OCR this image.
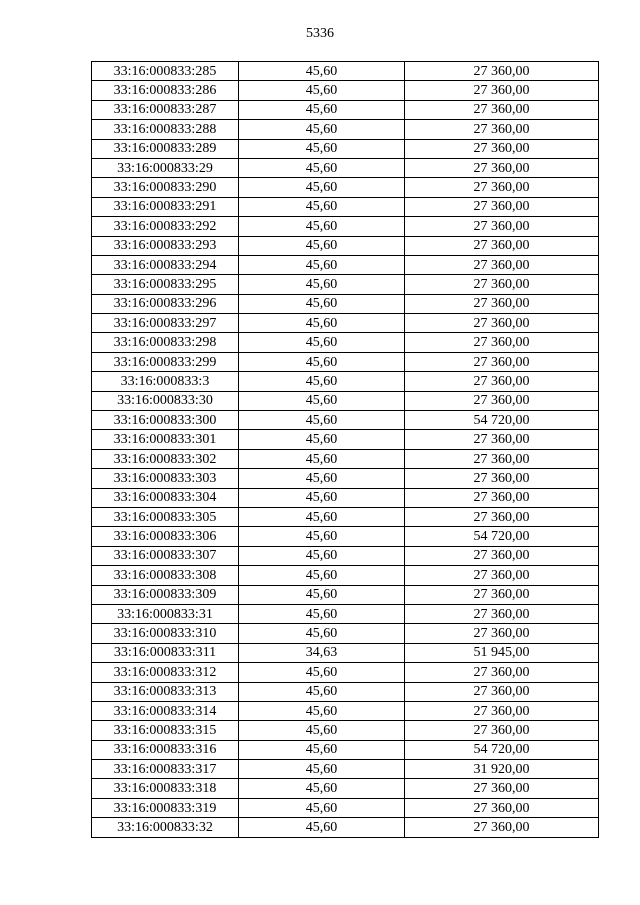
5336
33:16:000833:285	45,60	27 360,00
33:16:000833:286	45,60	27 360,00
33:16:000833:287	45,60	27 360,00
33:16:000833:288	45,60	27 360,00
33:16:000833:289	45,60	27 360,00
33:16:000833:29	45,60	27 360,00
33:16:000833:290	45,60	27 360,00
33:16:000833:291	45,60	27 360,00
33:16:000833:292	45,60	27 360,00
33:16:000833:293	45,60	27 360,00
33:16:000833:294	45,60	27 360,00
33:16:000833:295	45,60	27 360,00
33:16:000833:296	45,60	27 360,00
33:16:000833:297	45,60	27 360,00
33:16:000833:298	45,60	27 360,00
33:16:000833:299	45,60	27 360,00
33:16:000833:3	45,60	27 360,00
33:16:000833:30	45,60	27 360,00
33:16:000833:300	45,60	54 720,00
33:16:000833:301	45,60	27 360,00
33:16:000833:302	45,60	27 360,00
33:16:000833:303	45,60	27 360,00
33:16:000833:304	45,60	27 360,00
33:16:000833:305	45,60	27 360,00
33:16:000833:306	45,60	54 720,00
33:16:000833:307	45,60	27 360,00
33:16:000833:308	45,60	27 360,00
33:16:000833:309	45,60	27 360,00
33:16:000833:31	45,60	27 360,00
33:16:000833:310	45,60	27 360,00
33:16:000833:311	34,63	51 945,00
33:16:000833:312	45,60	27 360,00
33:16:000833:313	45,60	27 360,00
33:16:000833:314	45,60	27 360,00
33:16:000833:315	45,60	27 360,00
33:16:000833:316	45,60	54 720,00
33:16:000833:317	45,60	31 920,00
33:16:000833:318	45,60	27 360,00
33:16:000833:319	45,60	27 360,00
33:16:000833:32	45,60	27 360,00
